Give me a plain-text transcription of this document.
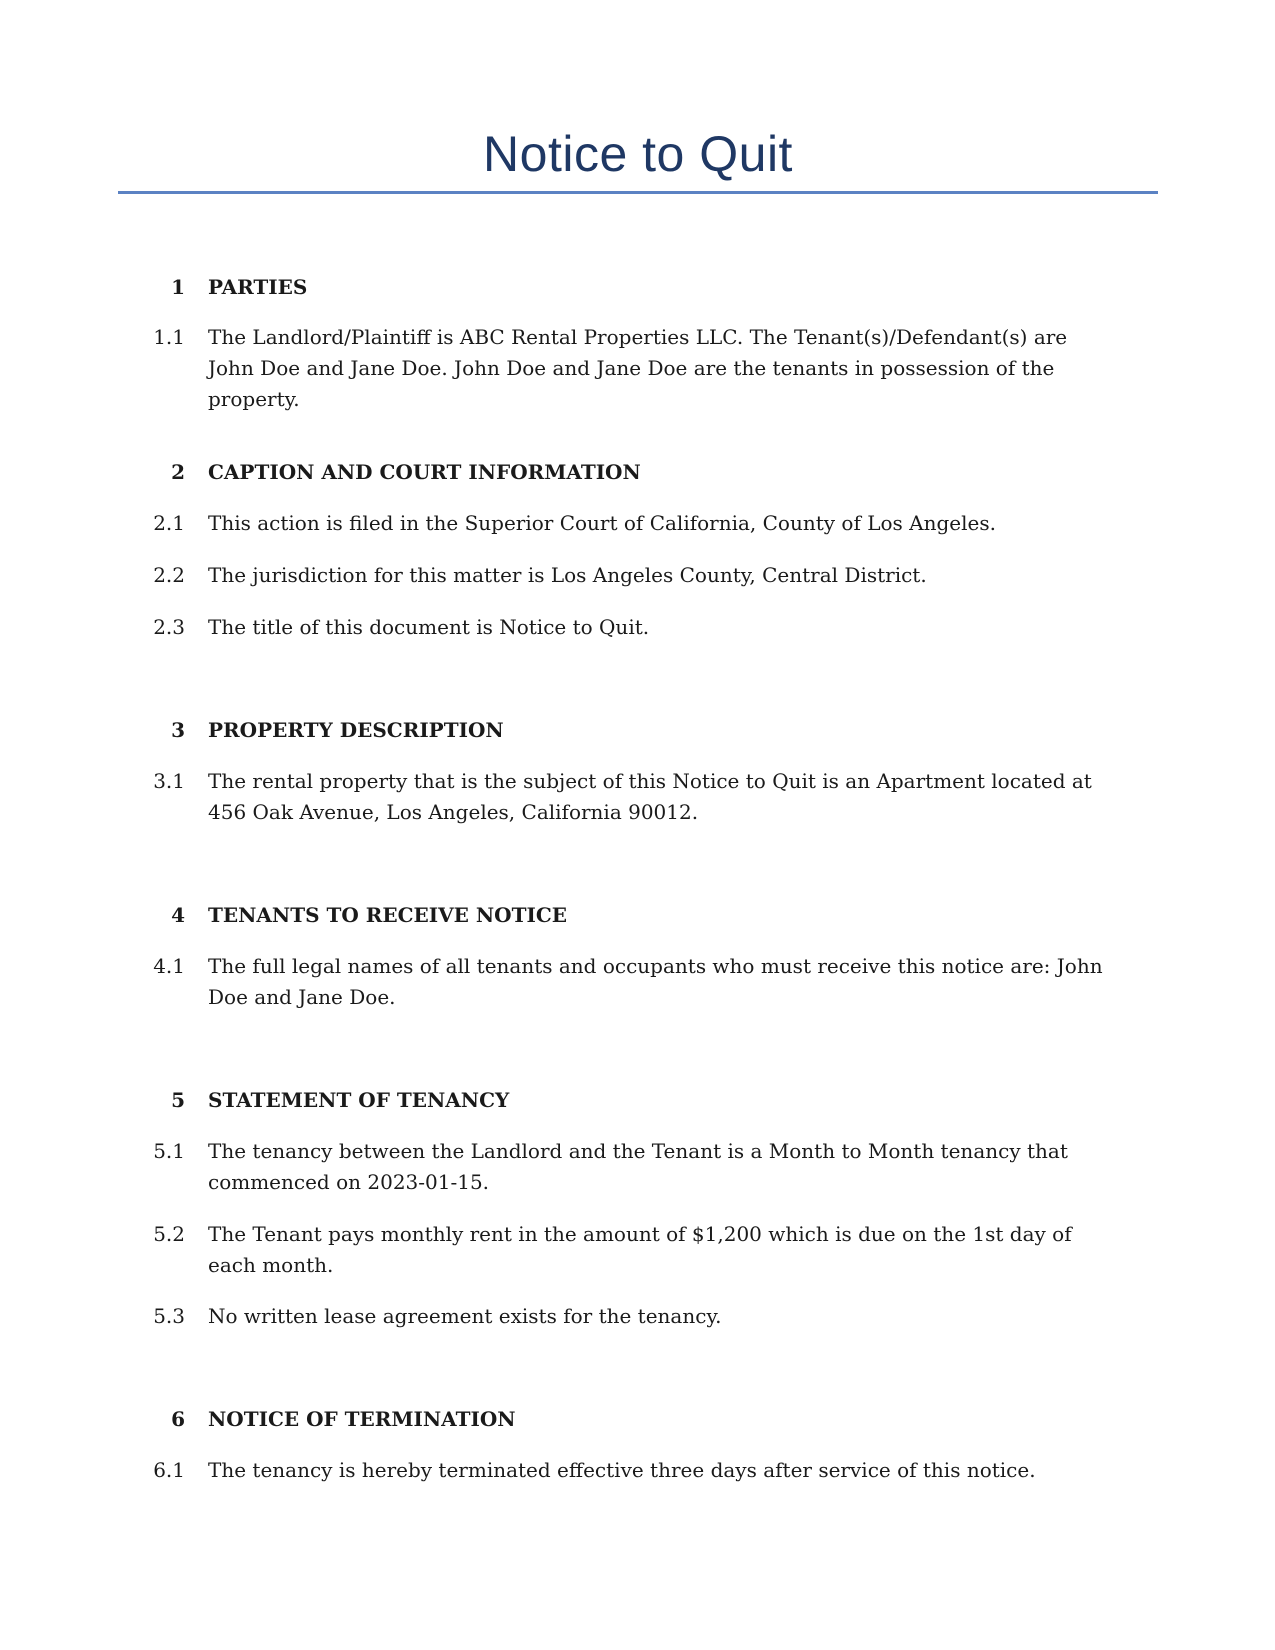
Notice to Quit
1 PARTIES
1.1 The Landlord/Plaintiff is ABC Rental Properties LLC. The Tenant(s)/Defendant(s) are John Doe and Jane Doe. John Doe and Jane Doe are the tenants in possession of the property.
2 CAPTION AND COURT INFORMATION
2.1 This action is filed in the Superior Court of California, County of Los Angeles.
2.2 The jurisdiction for this matter is Los Angeles County, Central District.
2.3 The title of this document is Notice to Quit.
3 PROPERTY DESCRIPTION
3.1 The rental property that is the subject of this Notice to Quit is an Apartment located at 456 Oak Avenue, Los Angeles, California 90012.
4 TENANTS TO RECEIVE NOTICE
4.1 The full legal names of all tenants and occupants who must receive this notice are: John Doe and Jane Doe.
5 STATEMENT OF TENANCY
5.1 The tenancy between the Landlord and the Tenant is a Month to Month tenancy that commenced on 2023-01-15.
5.2 The Tenant pays monthly rent in the amount of $1,200 which is due on the 1st day of each month.
5.3 No written lease agreement exists for the tenancy.
6 NOTICE OF TERMINATION
6.1 The tenancy is hereby terminated effective three days after service of this notice.
